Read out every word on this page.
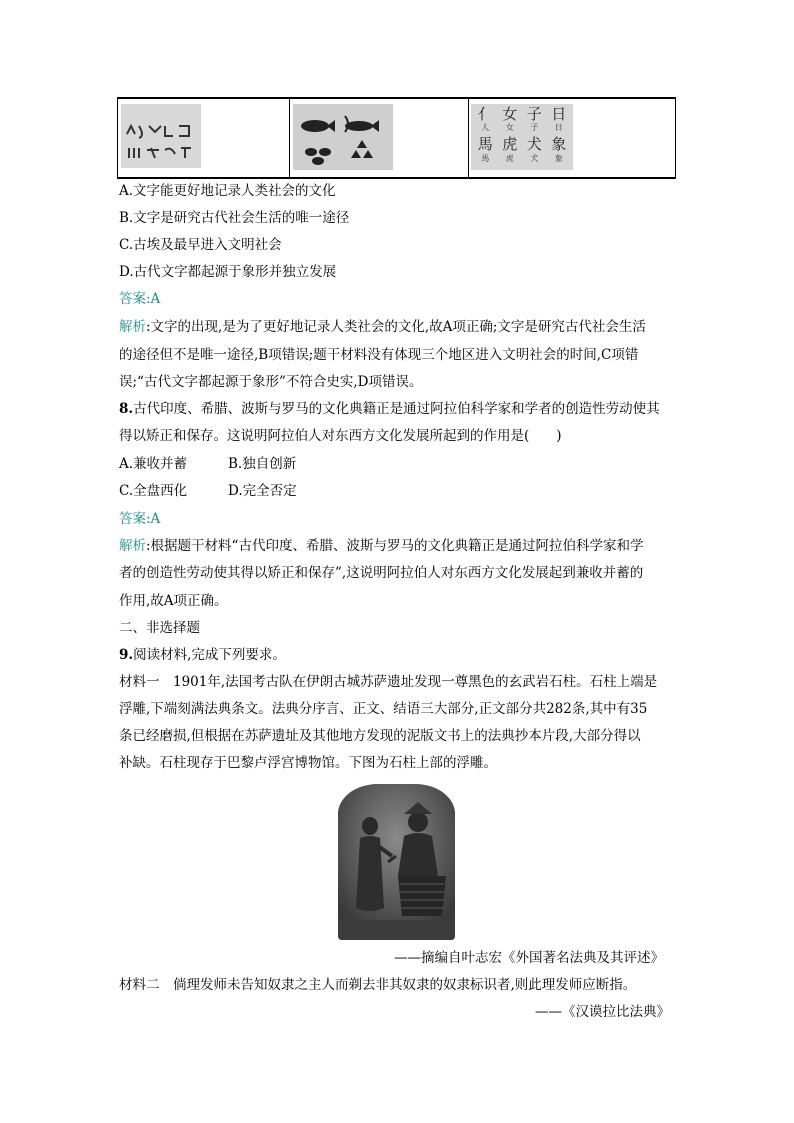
亻 女 子 日
人 女 子 日
馬 虎 犬 象
馬 虎 犬 象
A.文字能更好地记录人类社会的文化
B.文字是研究古代社会生活的唯一途径
C.古埃及最早进入文明社会
D.古代文字都起源于象形并独立发展
答案:A
解析:文字的出现,是为了更好地记录人类社会的文化,故A项正确;文字是研究古代社会生活
的途径但不是唯一途径,B项错误;题干材料没有体现三个地区进入文明社会的时间,C项错
误;“古代文字都起源于象形”不符合史实,D项错误。
8.古代印度、希腊、波斯与罗马的文化典籍正是通过阿拉伯科学家和学者的创造性劳动使其
得以矫正和保存。这说明阿拉伯人对东西方文化发展所起到的作用是(　　)
A.兼收并蓄	B.独自创新
C.全盘西化	D.完全否定
答案:A
解析:根据题干材料“古代印度、希腊、波斯与罗马的文化典籍正是通过阿拉伯科学家和学
者的创造性劳动使其得以矫正和保存”,这说明阿拉伯人对东西方文化发展起到兼收并蓄的
作用,故A项正确。
二、非选择题
9.阅读材料,完成下列要求。
材料一　1901年,法国考古队在伊朗古城苏萨遗址发现一尊黑色的玄武岩石柱。石柱上端是
浮雕,下端刻满法典条文。法典分序言、正文、结语三大部分,正文部分共282条,其中有35
条已经磨损,但根据在苏萨遗址及其他地方发现的泥版文书上的法典抄本片段,大部分得以
补缺。石柱现存于巴黎卢浮宫博物馆。下图为石柱上部的浮雕。
——摘编自叶志宏《外国著名法典及其评述》
材料二　倘理发师未告知奴隶之主人而剃去非其奴隶的奴隶标识者,则此理发师应断指。
——《汉谟拉比法典》
